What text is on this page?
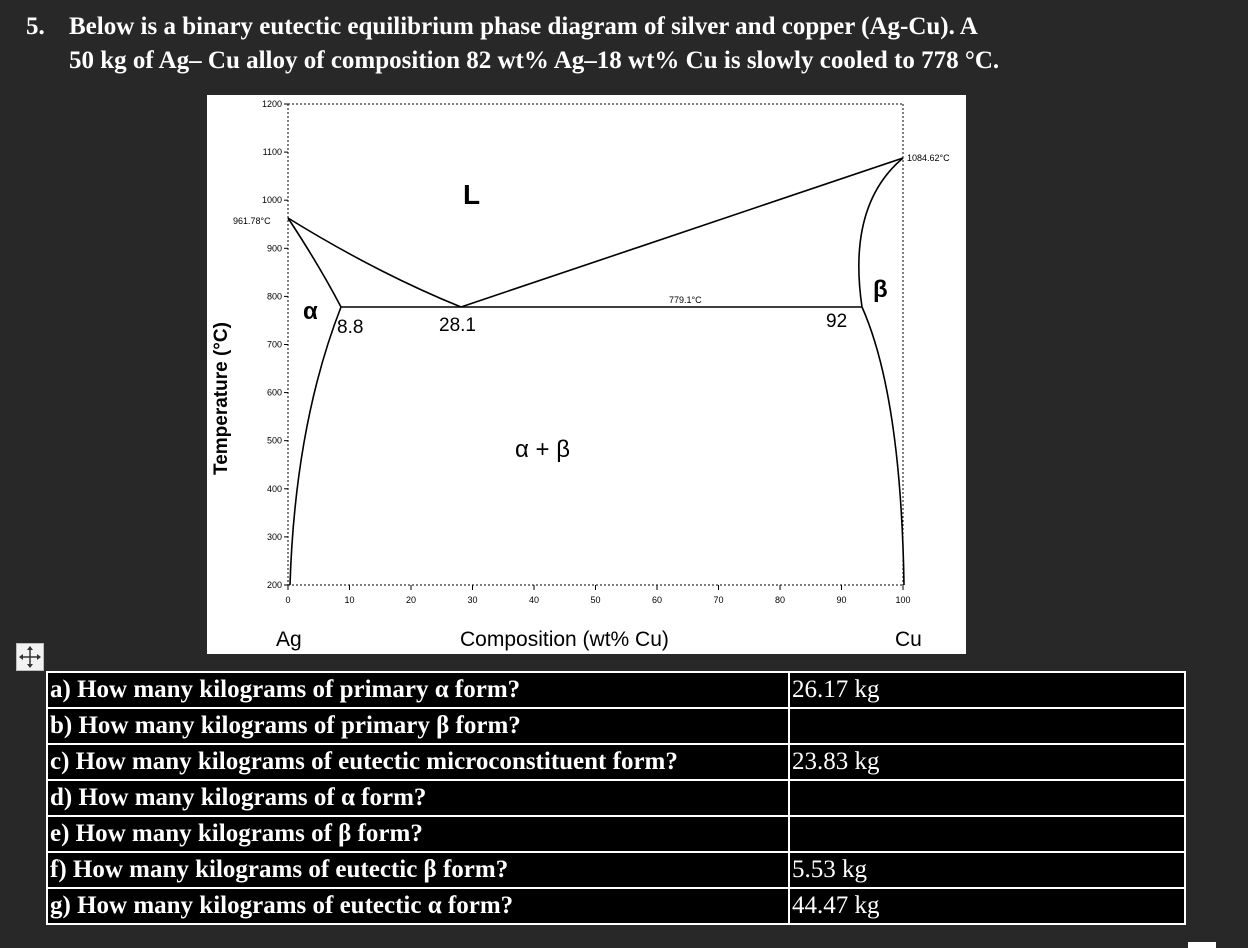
5. Below is a binary eutectic equilibrium phase diagram of silver and copper (Ag-Cu). A
50 kg of Ag– Cu alloy of composition 82 wt% Ag–18 wt% Cu is slowly cooled to 778 °C.
1200
1100
1000
900
800
700
600
500
400
300
200
0	10	20	30	40	50	60	70	80	90	100
961.78°C
1084.62°C
779.1°C
L
α
β
α + β
8.8	28.1	92
Temperature (°C)
Composition (wt% Cu)
Ag	Cu
a) How many kilograms of primary α form?	26.17 kg
b) How many kilograms of primary β form?	
c) How many kilograms of eutectic microconstituent form?	23.83 kg
d) How many kilograms of α form?	
e) How many kilograms of β form?	
f) How many kilograms of eutectic β form?	5.53 kg
g) How many kilograms of eutectic α form?	44.47 kg
